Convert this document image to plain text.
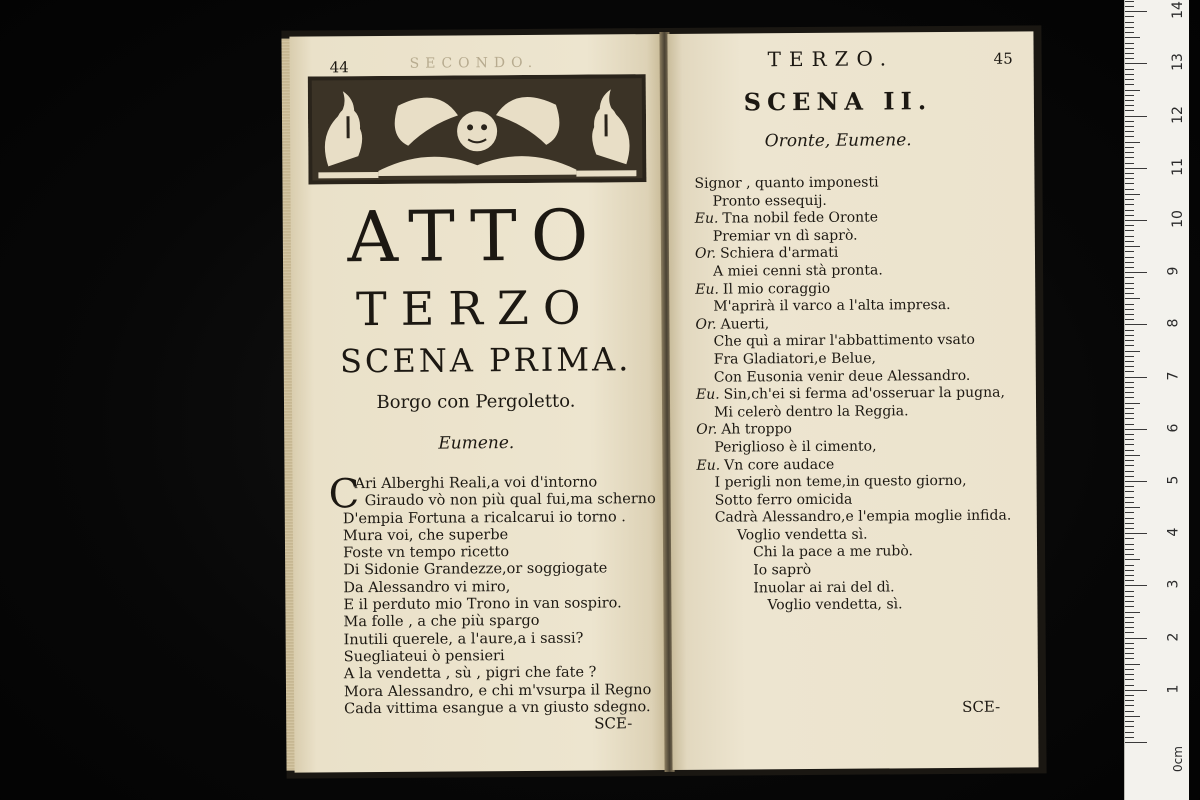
SECONDO.
44
ATTO
TERZO
SCENA PRIMA.
Borgo con Pergoletto.
Eumene.
C
Ari Alberghi Reali,a voi d'intorno
Giraudo vò non più qual fui,ma scherno
D'empia Fortuna a ricalcarui io torno .
Mura voi, che superbe
Foste vn tempo ricetto
Di Sidonie Grandezze,or soggiogate
Da Alessandro vi miro,
E il perduto mio Trono in van sospiro.
Ma folle , a che più spargo
Inutili querele, a l'aure,a i sassi?
Suegliateui ò pensieri
A la vendetta , sù , pigri che fate ?
Mora Alessandro, e chi m'vsurpa il Regno
Cada vittima esangue a vn giusto sdegno.
SCE-
TERZO.	45
SCENA II.
Oronte, Eumene.
Signor , quanto imponesti
Pronto essequij.
Eu. Tna nobil fede Oronte
Premiar vn dì saprò.
Or. Schiera d'armati
A miei cenni stà pronta.
Eu. Il mio coraggio
M'aprirà il varco a l'alta impresa.
Or. Auerti,
Che quì a mirar l'abbattimento vsato
Fra Gladiatori,e Belue,
Con Eusonia venir deue Alessandro.
Eu. Sin,ch'ei si ferma ad'osseruar la pugna,
Mi celerò dentro la Reggia.
Or. Ah troppo
Periglioso è il cimento,
Eu. Vn core audace
I perigli non teme,in questo giorno,
Sotto ferro omicida
Cadrà Alessandro,e l'empia moglie infida.
Voglio vendetta sì.
Chi la pace a me rubò.
Io saprò
Inuolar ai rai del dì.
Voglio vendetta, sì.
SCE-
0cm
1
2
3
4
5
6
7
8
9
10
11
12
13
14
